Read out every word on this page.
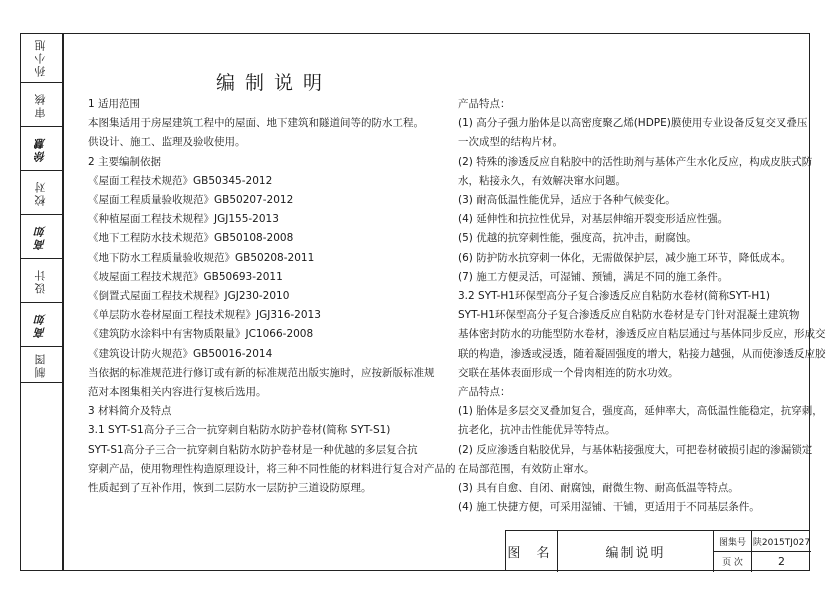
孙小旭
审核
徐慧
校对
高如
设计
高如
制图
编制说明
1 适用范围
本图集适用于房屋建筑工程中的屋面、地下建筑和隧道间等的防水工程。
供设计、施工、监理及验收使用。
2 主要编制依据
《屋面工程技术规范》GB50345-2012
《屋面工程质量验收规范》GB50207-2012
《种植屋面工程技术规程》JGJ155-2013
《地下工程防水技术规范》GB50108-2008
《地下防水工程质量验收规范》GB50208-2011
《坡屋面工程技术规范》GB50693-2011
《倒置式屋面工程技术规程》JGJ230-2010
《单层防水卷材屋面工程技术规程》JGJ316-2013
《建筑防水涂料中有害物质限量》JC1066-2008
《建筑设计防火规范》GB50016-2014
当依据的标准规范进行修订或有新的标准规范出版实施时，应按新版标准规
范对本图集相关内容进行复核后选用。
3 材料简介及特点
3.1 SYT-S1高分子三合一抗穿刺自粘防水防护卷材(简称 SYT-S1)
SYT-S1高分子三合一抗穿刺自粘防水防护卷材是一种优越的多层复合抗
穿刺产品，使用物理性构造原理设计，将三种不同性能的材料进行复合对产品的
性质起到了互补作用，恢到二层防水一层防护三道设防原理。
产品特点：
(1) 高分子强力胎体是以高密度聚乙烯(HDPE)膜使用专业设备反复交叉叠压
一次成型的结构片材。
(2) 特殊的渗透反应自粘胶中的活性助剂与基体产生水化反应，构成皮肤式防
水，粘接永久，有效解决窜水问题。
(3) 耐高低温性能优异，适应于各种气候变化。
(4) 延伸性和抗拉性优异，对基层伸缩开裂变形适应性强。
(5) 优越的抗穿刺性能，强度高，抗冲击，耐腐蚀。
(6) 防护防水抗穿刺一体化，无需做保护层，减少施工环节，降低成本。
(7) 施工方便灵活，可湿铺、预铺，满足不同的施工条件。
3.2 SYT-H1环保型高分子复合渗透反应自粘防水卷材(简称SYT-H1)
SYT-H1环保型高分子复合渗透反应自粘防水卷材是专门针对混凝土建筑物
基体密封防水的功能型防水卷材，渗透反应自粘层通过与基体同步反应，形成交
联的构造，渗透或浸透，随着凝固强度的增大，粘接力越强，从而使渗透反应胶
交联在基体表面形成一个骨肉相连的防水功效。
产品特点：
(1) 胎体是多层交叉叠加复合，强度高，延伸率大，高低温性能稳定，抗穿刺，
抗老化，抗冲击性能优异等特点。
(2) 反应渗透自粘胶优异，与基体粘接强度大，可把卷材破损引起的渗漏锁定
在局部范围，有效防止窜水。
(3) 具有自愈、自闭、耐腐蚀，耐微生物、耐高低温等特点。
(4) 施工快捷方便，可采用湿铺、干铺，更适用于不同基层条件。
图 名	编制说明
图集号 陕2015TJ027
页 次	2
